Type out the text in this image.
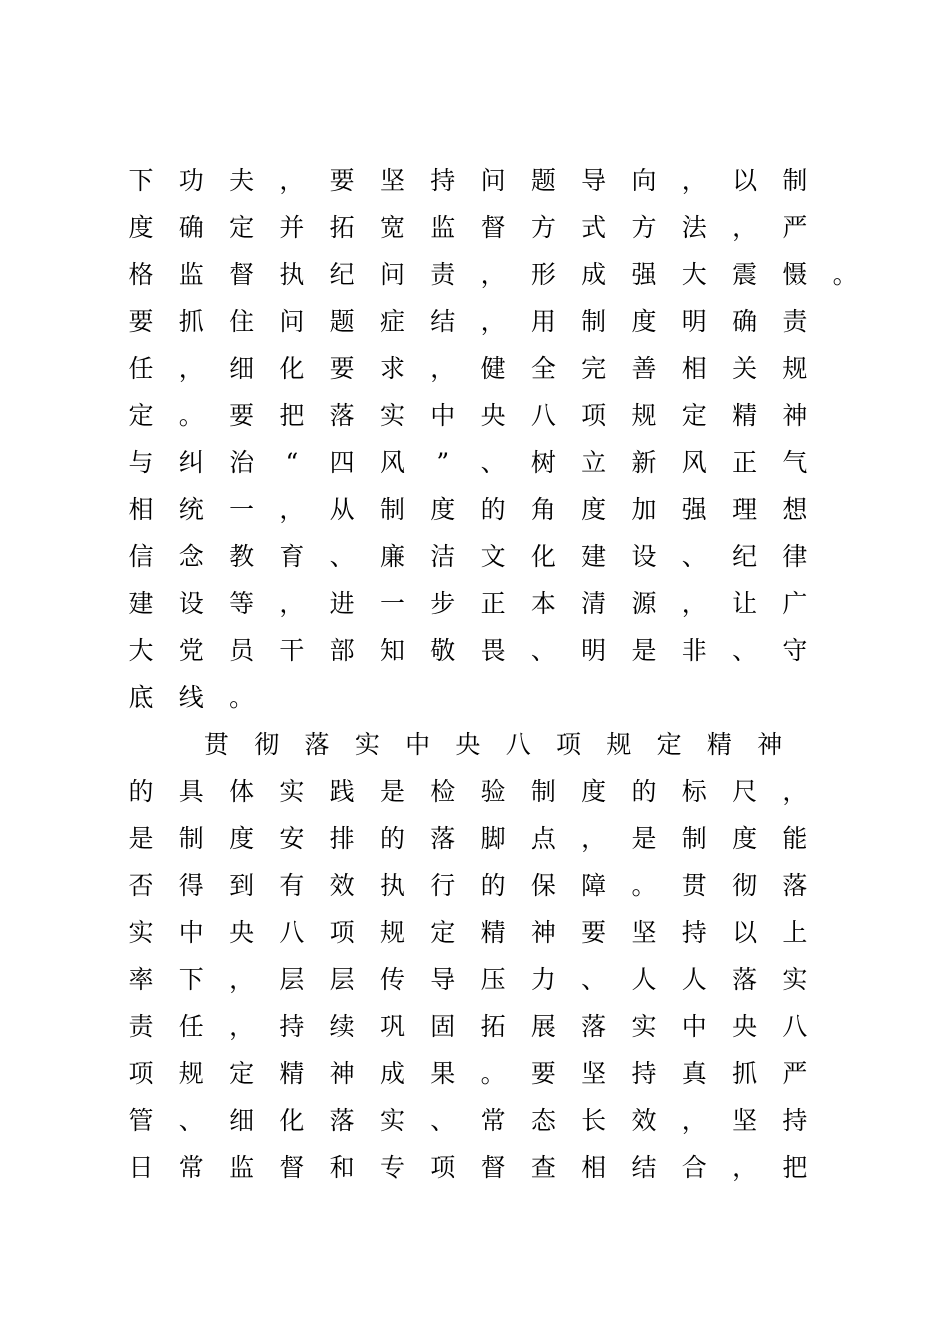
下	功	夫	，	要	坚	持	问	题	导	向	，	以	制
度	确	定	并	拓	宽	监	督	方	式	方	法	，	严
格	监	督	执	纪	问	责	，	形	成	强	大	震	慑	。
要	抓	住	问	题	症	结	，	用	制	度	明	确	责
任	，	细	化	要	求	，	健	全	完	善	相	关	规
定	。	要	把	落	实	中	央	八	项	规	定	精	神
与	纠	治	“	四	风	”	、	树	立	新	风	正	气
相	统	一	，	从	制	度	的	角	度	加	强	理	想
信	念	教	育	、	廉	洁	文	化	建	设	、	纪	律
建	设	等	，	进	一	步	正	本	清	源	，	让	广
大	党	员	干	部	知	敬	畏	、	明	是	非	、	守
底	线	。
贯	彻	落	实	中	央	八	项	规	定	精	神
的	具	体	实	践	是	检	验	制	度	的	标	尺	，
是	制	度	安	排	的	落	脚	点	，	是	制	度	能
否	得	到	有	效	执	行	的	保	障	。	贯	彻	落
实	中	央	八	项	规	定	精	神	要	坚	持	以	上
率	下	，	层	层	传	导	压	力	、	人	人	落	实
责	任	，	持	续	巩	固	拓	展	落	实	中	央	八
项	规	定	精	神	成	果	。	要	坚	持	真	抓	严
管	、	细	化	落	实	、	常	态	长	效	，	坚	持
日	常	监	督	和	专	项	督	查	相	结	合	，	把
